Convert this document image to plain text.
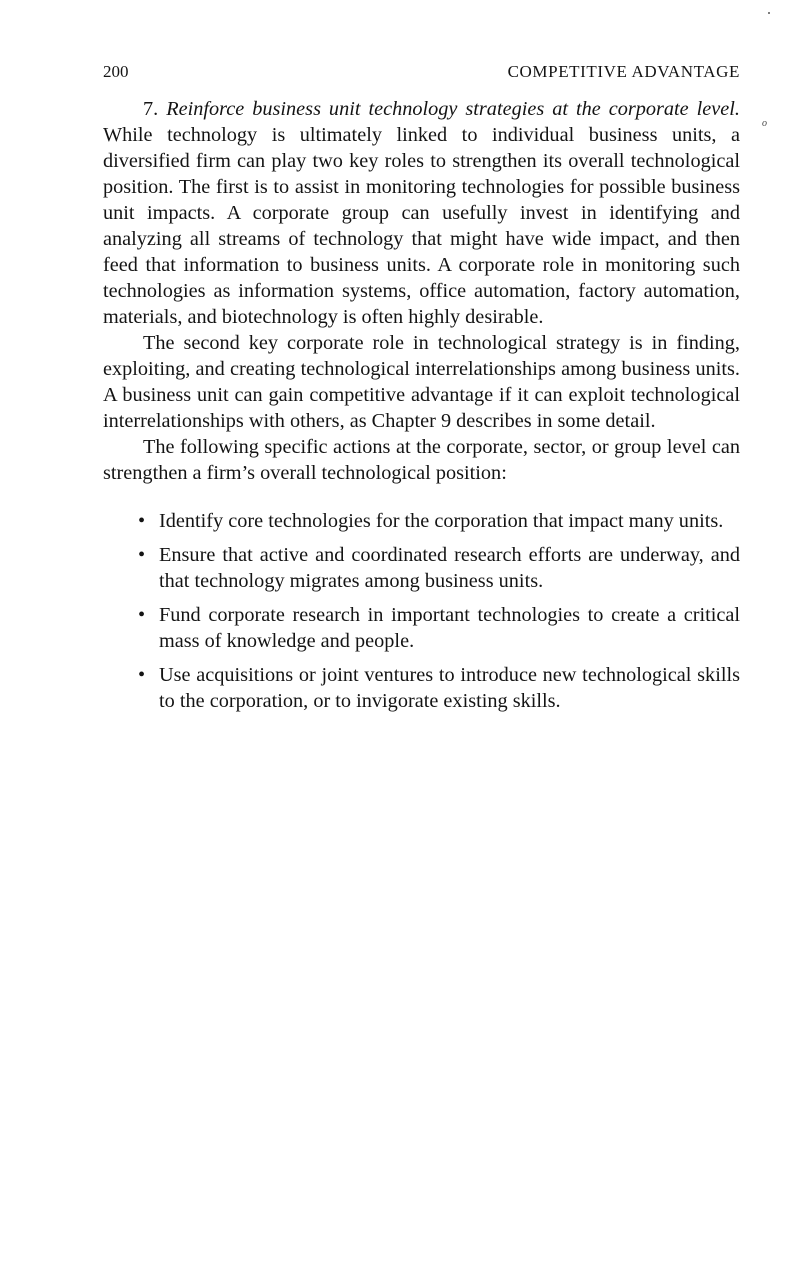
o
200	COMPETITIVE ADVANTAGE

7. Reinforce business unit technology strategies at the corporate level. While technology is ultimately linked to individual business units, a diversified firm can play two key roles to strengthen its overall technological position. The first is to assist in monitoring technologies for possible business unit impacts. A corporate group can usefully invest in identifying and analyzing all streams of technology that might have wide impact, and then feed that information to business units. A corporate role in monitoring such technologies as information systems, office automation, factory automation, materials, and biotechnology is often highly desirable.

The second key corporate role in technological strategy is in finding, exploiting, and creating technological interrelationships among business units. A business unit can gain competitive advantage if it can exploit technological interrelationships with others, as Chapter 9 describes in some detail.

The following specific actions at the corporate, sector, or group level can strengthen a firm’s overall technological position:

• Identify core technologies for the corporation that impact many units.
• Ensure that active and coordinated research efforts are underway, and that technology migrates among business units.
• Fund corporate research in important technologies to create a critical mass of knowledge and people.
• Use acquisitions or joint ventures to introduce new technological skills to the corporation, or to invigorate existing skills.
